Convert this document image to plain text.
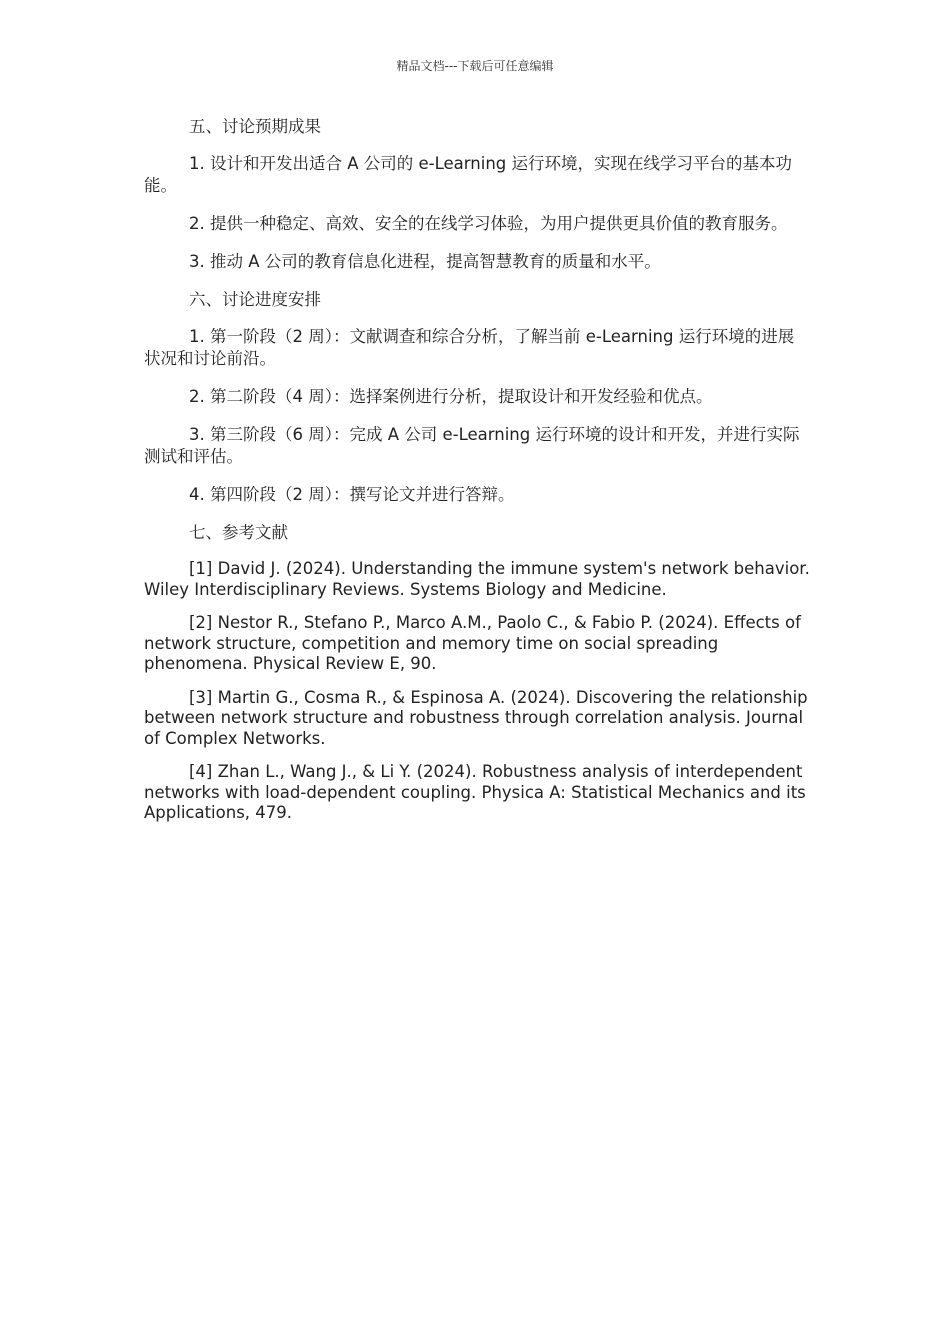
精品文档---下载后可任意编辑

五、讨论预期成果

1. 设计和开发出适合 A 公司的 e-Learning 运行环境，实现在线学习平台的基本功能。

2. 提供一种稳定、高效、安全的在线学习体验，为用户提供更具价值的教育服务。

3. 推动 A 公司的教育信息化进程，提高智慧教育的质量和水平。

六、讨论进度安排

1. 第一阶段（2 周）：文献调查和综合分析，了解当前 e-Learning 运行环境的进展状况和讨论前沿。

2. 第二阶段（4 周）：选择案例进行分析，提取设计和开发经验和优点。

3. 第三阶段（6 周）：完成 A 公司 e-Learning 运行环境的设计和开发，并进行实际测试和评估。

4. 第四阶段（2 周）：撰写论文并进行答辩。

七、参考文献

[1] David J. (2024). Understanding the immune system's network behavior. Wiley Interdisciplinary Reviews. Systems Biology and Medicine.

[2] Nestor R., Stefano P., Marco A.M., Paolo C., & Fabio P. (2024). Effects of network structure, competition and memory time on social spreading phenomena. Physical Review E, 90.

[3] Martin G., Cosma R., & Espinosa A. (2024). Discovering the relationship between network structure and robustness through correlation analysis. Journal of Complex Networks.

[4] Zhan L., Wang J., & Li Y. (2024). Robustness analysis of interdependent networks with load-dependent coupling. Physica A: Statistical Mechanics and its Applications, 479.
